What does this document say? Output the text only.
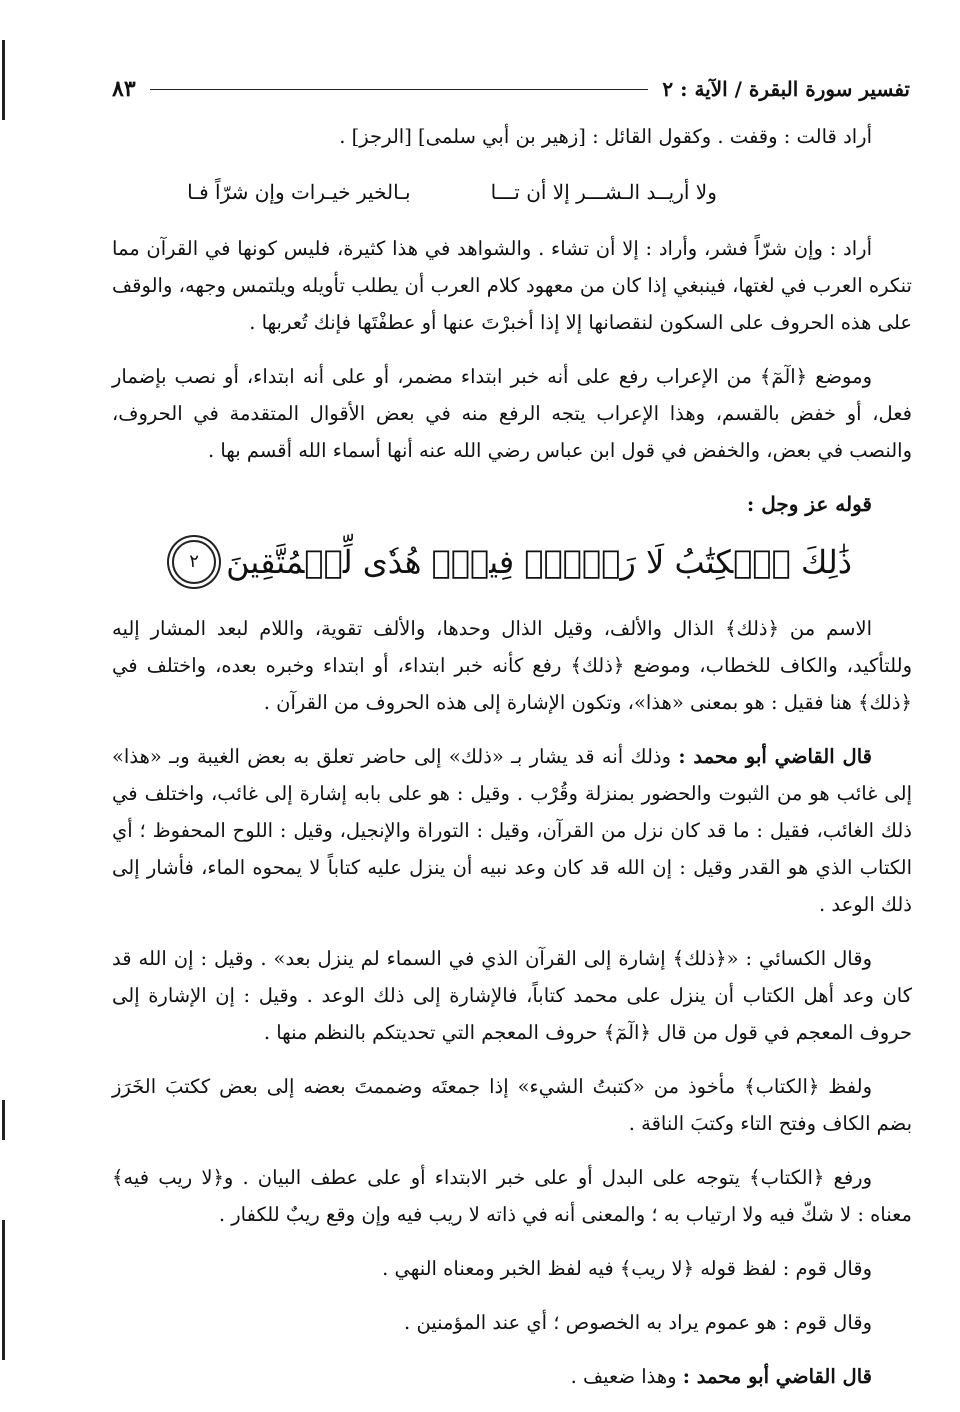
تفسير سورة البقرة / الآية : ٢
٨٣

أراد قالت : وقفت . وكقول القائل : [زهير بن أبي سلمى] [الرجز] .

ولا أريــد الـشـــر إلا أن تـــا
بـالخير خيـرات وإن شرّاً فـا

أراد : وإن شرّاً فشر، وأراد : إلا أن تشاء . والشواهد في هذا كثيرة، فليس كونها في القرآن مما تنكره العرب في لغتها، فينبغي إذا كان من معهود كلام العرب أن يطلب تأويله ويلتمس وجهه، والوقف على هذه الحروف على السكون لنقصانها إلا إذا أخبرْتَ عنها أو عطفْتَها فإنك تُعربها .

وموضع ﴿الٓمٓ﴾ من الإعراب رفع على أنه خبر ابتداء مضمر، أو على أنه ابتداء، أو نصب بإضمار فعل، أو خفض بالقسم، وهذا الإعراب يتجه الرفع منه في بعض الأقوال المتقدمة في الحروف، والنصب في بعض، والخفض في قول ابن عباس رضي الله عنه أنها أسماء الله أقسم بها .

قوله عز وجل :
ذَٰلِكَ ٱلۡكِتَٰبُ لَا رَيۡبَۛ فِيهِۛ هُدٗى لِّلۡمُتَّقِينَ
٢

الاسم من ﴿ذلك﴾ الذال والألف، وقيل الذال وحدها، والألف تقوية، واللام لبعد المشار إليه وللتأكيد، والكاف للخطاب، وموضع ﴿ذلك﴾ رفع كأنه خبر ابتداء، أو ابتداء وخبره بعده، واختلف في ﴿ذلك﴾ هنا فقيل : هو بمعنى «هذا»، وتكون الإشارة إلى هذه الحروف من القرآن .

قال القاضي أبو محمد : وذلك أنه قد يشار بـ «ذلك» إلى حاضر تعلق به بعض الغيبة وبـ «هذا» إلى غائب هو من الثبوت والحضور بمنزلة وقُرْب . وقيل : هو على بابه إشارة إلى غائب، واختلف في ذلك الغائب، فقيل : ما قد كان نزل من القرآن، وقيل : التوراة والإنجيل، وقيل : اللوح المحفوظ ؛ أي الكتاب الذي هو القدر وقيل : إن الله قد كان وعد نبيه أن ينزل عليه كتاباً لا يمحوه الماء، فأشار إلى ذلك الوعد .

وقال الكسائي : «﴿ذلك﴾ إشارة إلى القرآن الذي في السماء لم ينزل بعد» . وقيل : إن الله قد كان وعد أهل الكتاب أن ينزل على محمد كتاباً، فالإشارة إلى ذلك الوعد . وقيل : إن الإشارة إلى حروف المعجم في قول من قال ﴿الٓمٓ﴾ حروف المعجم التي تحديتكم بالنظم منها .

ولفظ ﴿الكتاب﴾ مأخوذ من «كتبتُ الشيء» إذا جمعتَه وضممتَ بعضه إلى بعض ككتبَ الخَرَز بضم الكاف وفتح التاء وكتبَ الناقة .

ورفع ﴿الكتاب﴾ يتوجه على البدل أو على خبر الابتداء أو على عطف البيان . و﴿لا ريب فيه﴾ معناه : لا شكّ فيه ولا ارتياب به ؛ والمعنى أنه في ذاته لا ريب فيه وإن وقع ريبٌ للكفار .

وقال قوم : لفظ قوله ﴿لا ريب﴾ فيه لفظ الخبر ومعناه النهي .

وقال قوم : هو عموم يراد به الخصوص ؛ أي عند المؤمنين .

قال القاضي أبو محمد : وهذا ضعيف .
